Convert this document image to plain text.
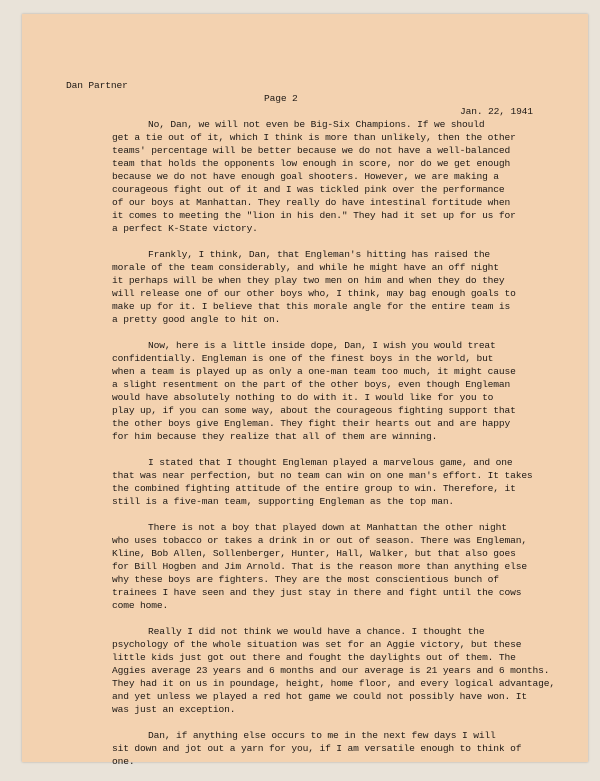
Dan Partner

Page 2

Jan. 22, 1941

No, Dan, we will not even be Big-Six Champions. If we should
get a tie out of it, which I think is more than unlikely, then the other
teams' percentage will be better because we do not have a well-balanced
team that holds the opponents low enough in score, nor do we get enough
because we do not have enough goal shooters. However, we are making a
courageous fight out of it and I was tickled pink over the performance
of our boys at Manhattan. They really do have intestinal fortitude when
it comes to meeting the "lion in his den." They had it set up for us for
a perfect K-State victory.
Frankly, I think, Dan, that Engleman's hitting has raised the
morale of the team considerably, and while he might have an off night
it perhaps will be when they play two men on him and when they do they
will release one of our other boys who, I think, may bag enough goals to
make up for it. I believe that this morale angle for the entire team is
a pretty good angle to hit on.
Now, here is a little inside dope, Dan, I wish you would treat
confidentially. Engleman is one of the finest boys in the world, but
when a team is played up as only a one-man team too much, it might cause
a slight resentment on the part of the other boys, even though Engleman
would have absolutely nothing to do with it. I would like for you to
play up, if you can some way, about the courageous fighting support that
the other boys give Engleman. They fight their hearts out and are happy
for him because they realize that all of them are winning.
I stated that I thought Engleman played a marvelous game, and one
that was near perfection, but no team can win on one man's effort. It takes
the combined fighting attitude of the entire group to win. Therefore, it
still is a five-man team, supporting Engleman as the top man.
There is not a boy that played down at Manhattan the other night
who uses tobacco or takes a drink in or out of season. There was Engleman,
Kline, Bob Allen, Sollenberger, Hunter, Hall, Walker, but that also goes
for Bill Hogben and Jim Arnold. That is the reason more than anything else
why these boys are fighters. They are the most conscientious bunch of
trainees I have seen and they just stay in there and fight until the cows
come home.
Really I did not think we would have a chance. I thought the
psychology of the whole situation was set for an Aggie victory, but these
little kids just got out there and fought the daylights out of them. The
Aggies average 23 years and 6 months and our average is 21 years and 6 months.
They had it on us in poundage, height, home floor, and every logical advantage,
and yet unless we played a red hot game we could not possibly have won. It
was just an exception.
Dan, if anything else occurs to me in the next few days I will
sit down and jot out a yarn for you, if I am versatile enough to think of
one.
